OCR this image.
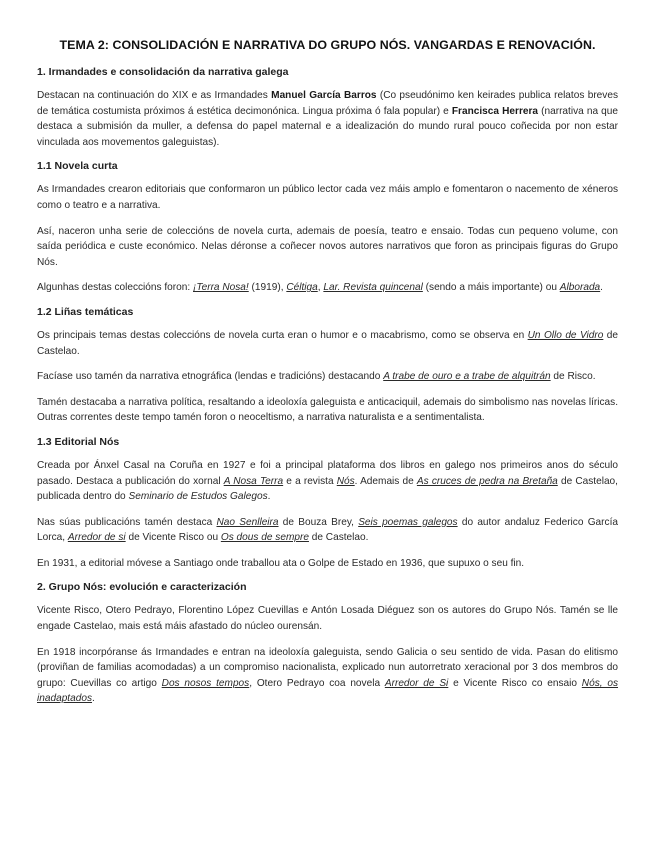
TEMA 2: CONSOLIDACIÓN E NARRATIVA DO GRUPO NÓS. VANGARDAS E RENOVACIÓN.
1. Irmandades e consolidación da narrativa galega

Destacan na continuación do XIX e as Irmandades Manuel García Barros (Co pseudónimo ken keirades publica relatos breves de temática costumista próximos á estética decimonónica. Lingua próxima ó fala popular) e Francisca Herrera (narrativa na que destaca a submisión da muller, a defensa do papel maternal e a idealización do mundo rural pouco coñecida por non estar vinculada aos movementos galeguistas).

1.1 Novela curta

As Irmandades crearon editoriais que conformaron un público lector cada vez máis amplo e fomentaron o nacemento de xéneros como o teatro e a narrativa.

Así, naceron unha serie de coleccións de novela curta, ademais de poesía, teatro e ensaio. Todas cun pequeno volume, con saída periódica e custe económico. Nelas déronse a coñecer novos autores narrativos que foron as principais figuras do Grupo Nós.

Algunhas destas coleccións foron: ¡Terra Nosa! (1919), Céltiga, Lar. Revista quincenal (sendo a máis importante) ou Alborada.

1.2 Liñas temáticas

Os principais temas destas coleccións de novela curta eran o humor e o macabrismo, como se observa en Un Ollo de Vidro de Castelao.

Facíase uso tamén da narrativa etnográfica (lendas e tradicións) destacando A trabe de ouro e a trabe de alquitrán de Risco.

Tamén destacaba a narrativa política, resaltando a ideoloxía galeguista e anticaciquil, ademais do simbolismo nas novelas líricas. Outras correntes deste tempo tamén foron o neoceltismo, a narrativa naturalista e a sentimentalista.

1.3 Editorial Nós

Creada por Ánxel Casal na Coruña en 1927 e foi a principal plataforma dos libros en galego nos primeiros anos do século pasado. Destaca a publicación do xornal A Nosa Terra e a revista Nós. Ademais de As cruces de pedra na Bretaña de Castelao, publicada dentro do Seminario de Estudos Galegos.

Nas súas publicacións tamén destaca Nao Senlleira de Bouza Brey, Seis poemas galegos do autor andaluz Federico García Lorca, Arredor de si de Vicente Risco ou Os dous de sempre de Castelao.

En 1931, a editorial móvese a Santiago onde traballou ata o Golpe de Estado en 1936, que supuxo o seu fin.

2. Grupo Nós: evolución e caracterización

Vicente Risco, Otero Pedrayo, Florentino López Cuevillas e Antón Losada Diéguez son os autores do Grupo Nós. Tamén se lle engade Castelao, mais está máis afastado do núcleo ourensán.

En 1918 incorpóranse ás Irmandades e entran na ideoloxía galeguista, sendo Galicia o seu sentido de vida. Pasan do elitismo (proviñan de familias acomodadas) a un compromiso nacionalista, explicado nun autorretrato xeracional por 3 dos membros do grupo: Cuevillas co artigo Dos nosos tempos, Otero Pedrayo coa novela Arredor de Si e Vicente Risco co ensaio Nós, os inadaptados.
